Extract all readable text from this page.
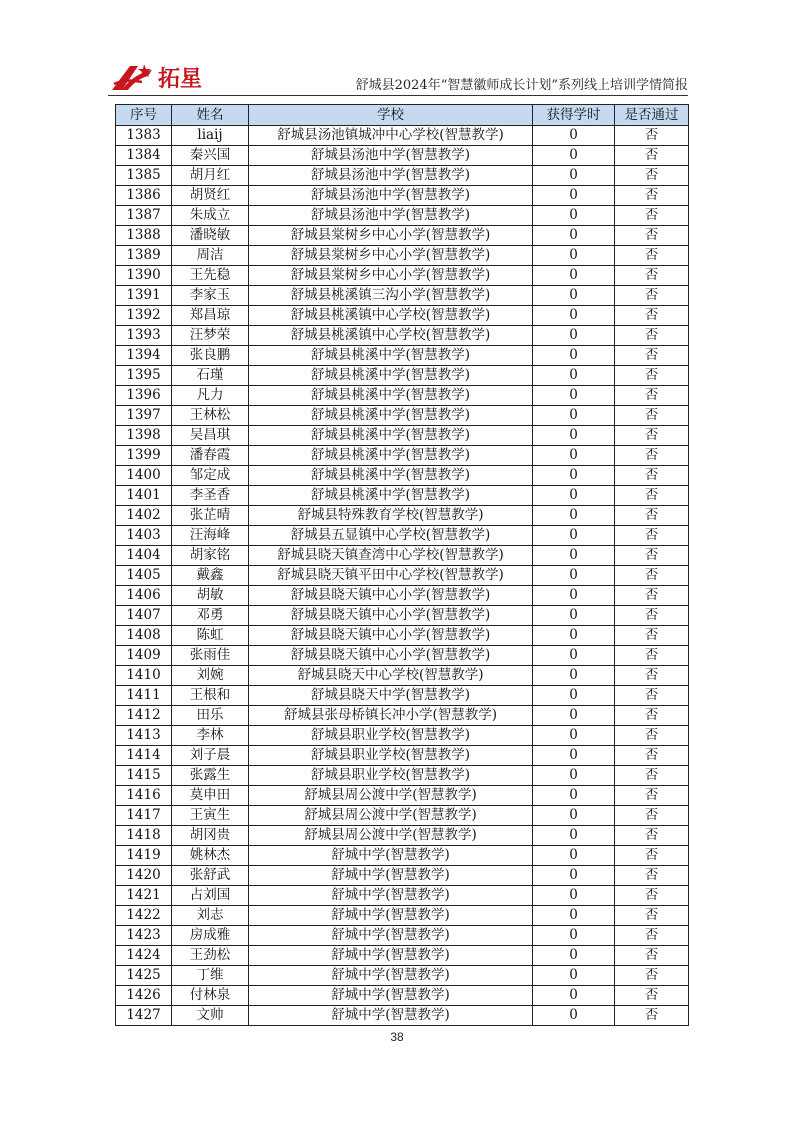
拓星	舒城县2024年“智慧徽师成长计划”系列线上培训学情简报
序号	姓名	学校	获得学时	是否通过
1383	liaij	舒城县汤池镇城冲中心学校(智慧教学)	0	否
1384	秦兴国	舒城县汤池中学(智慧教学)	0	否
1385	胡月红	舒城县汤池中学(智慧教学)	0	否
1386	胡贤红	舒城县汤池中学(智慧教学)	0	否
1387	朱成立	舒城县汤池中学(智慧教学)	0	否
1388	潘晓敏	舒城县棠树乡中心小学(智慧教学)	0	否
1389	周洁	舒城县棠树乡中心小学(智慧教学)	0	否
1390	王先稳	舒城县棠树乡中心小学(智慧教学)	0	否
1391	李家玉	舒城县桃溪镇三沟小学(智慧教学)	0	否
1392	郑昌琼	舒城县桃溪镇中心学校(智慧教学)	0	否
1393	汪梦荣	舒城县桃溪镇中心学校(智慧教学)	0	否
1394	张良鹏	舒城县桃溪中学(智慧教学)	0	否
1395	石瑾	舒城县桃溪中学(智慧教学)	0	否
1396	凡力	舒城县桃溪中学(智慧教学)	0	否
1397	王林松	舒城县桃溪中学(智慧教学)	0	否
1398	吴昌琪	舒城县桃溪中学(智慧教学)	0	否
1399	潘春霞	舒城县桃溪中学(智慧教学)	0	否
1400	邹定成	舒城县桃溪中学(智慧教学)	0	否
1401	李圣香	舒城县桃溪中学(智慧教学)	0	否
1402	张芷晴	舒城县特殊教育学校(智慧教学)	0	否
1403	汪海峰	舒城县五显镇中心学校(智慧教学)	0	否
1404	胡家铭	舒城县晓天镇查湾中心学校(智慧教学)	0	否
1405	戴鑫	舒城县晓天镇平田中心学校(智慧教学)	0	否
1406	胡敏	舒城县晓天镇中心小学(智慧教学)	0	否
1407	邓勇	舒城县晓天镇中心小学(智慧教学)	0	否
1408	陈虹	舒城县晓天镇中心小学(智慧教学)	0	否
1409	张雨佳	舒城县晓天镇中心小学(智慧教学)	0	否
1410	刘婉	舒城县晓天中心学校(智慧教学)	0	否
1411	王根和	舒城县晓天中学(智慧教学)	0	否
1412	田乐	舒城县张母桥镇长冲小学(智慧教学)	0	否
1413	李林	舒城县职业学校(智慧教学)	0	否
1414	刘子晨	舒城县职业学校(智慧教学)	0	否
1415	张露生	舒城县职业学校(智慧教学)	0	否
1416	莫申田	舒城县周公渡中学(智慧教学)	0	否
1417	王寅生	舒城县周公渡中学(智慧教学)	0	否
1418	胡冈贵	舒城县周公渡中学(智慧教学)	0	否
1419	姚林杰	舒城中学(智慧教学)	0	否
1420	张舒武	舒城中学(智慧教学)	0	否
1421	占刘国	舒城中学(智慧教学)	0	否
1422	刘志	舒城中学(智慧教学)	0	否
1423	房成雅	舒城中学(智慧教学)	0	否
1424	王劲松	舒城中学(智慧教学)	0	否
1425	丁维	舒城中学(智慧教学)	0	否
1426	付林泉	舒城中学(智慧教学)	0	否
1427	文帅	舒城中学(智慧教学)	0	否
38
